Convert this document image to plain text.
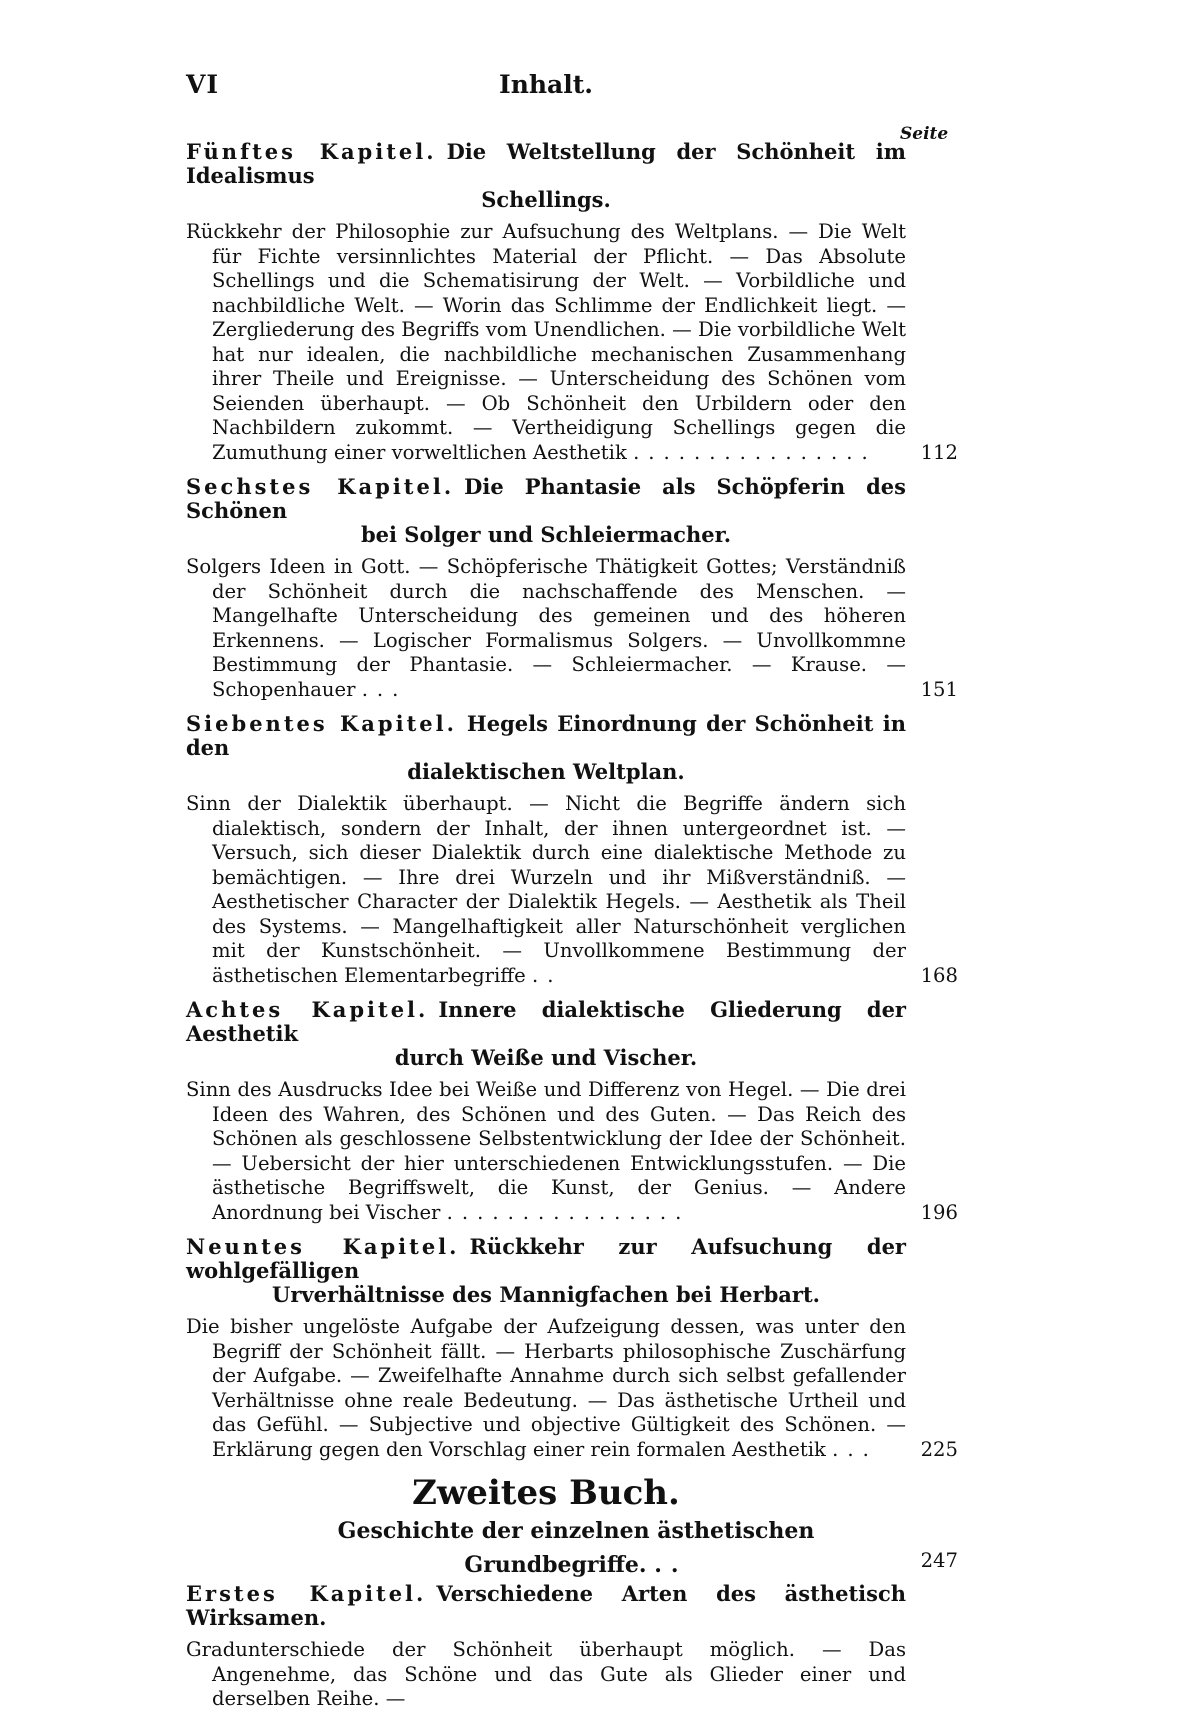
VI	Inhalt.
Seite
Fünftes Kapitel. Die Weltstellung der Schönheit im Idealismus
Schellings.
Rückkehr der Philosophie zur Aufsuchung des Weltplans. — Die Welt für Fichte versinnlichtes Material der Pflicht. — Das Absolute Schellings und die Schematisirung der Welt. — Vorbildliche und nachbildliche Welt. — Worin das Schlimme der Endlichkeit liegt. — Zergliederung des Begriffs vom Unendlichen. — Die vorbildliche Welt hat nur idealen, die nachbildliche mechanischen Zusammenhang ihrer Theile und Ereignisse. — Unterscheidung des Schönen vom Seienden überhaupt. — Ob Schönheit den Urbildern oder den Nachbildern zukommt. — Vertheidigung Schellings gegen die Zumuthung einer vorweltlichen Aesthetik ................ 112
Sechstes Kapitel. Die Phantasie als Schöpferin des Schönen
bei Solger und Schleiermacher.
Solgers Ideen in Gott. — Schöpferische Thätigkeit Gottes; Verständniß der Schönheit durch die nachschaffende des Menschen. — Mangelhafte Unterscheidung des gemeinen und des höheren Erkennens. — Logischer Formalismus Solgers. — Unvollkommne Bestimmung der Phantasie. — Schleiermacher. — Krause. — Schopenhauer ...	151
Siebentes Kapitel. Hegels Einordnung der Schönheit in den
dialektischen Weltplan.
Sinn der Dialektik überhaupt. — Nicht die Begriffe ändern sich dialektisch, sondern der Inhalt, der ihnen untergeordnet ist. — Versuch, sich dieser Dialektik durch eine dialektische Methode zu bemächtigen. — Ihre drei Wurzeln und ihr Mißverständniß. — Aesthetischer Character der Dialektik Hegels. — Aesthetik als Theil des Systems. — Mangelhaftigkeit aller Naturschönheit verglichen mit der Kunstschönheit. — Unvollkommene Bestimmung der ästhetischen Elementarbegriffe ..	168
Achtes Kapitel. Innere dialektische Gliederung der Aesthetik
durch Weiße und Vischer.
Sinn des Ausdrucks Idee bei Weiße und Differenz von Hegel. — Die drei Ideen des Wahren, des Schönen und des Guten. — Das Reich des Schönen als geschlossene Selbstentwicklung der Idee der Schönheit. — Uebersicht der hier unterschiedenen Entwicklungsstufen. — Die ästhetische Begriffswelt, die Kunst, der Genius. — Andere Anordnung bei Vischer ................	196
Neuntes Kapitel. Rückkehr zur Aufsuchung der wohlgefälligen
Urverhältnisse des Mannigfachen bei Herbart.
Die bisher ungelöste Aufgabe der Aufzeigung dessen, was unter den Begriff der Schönheit fällt. — Herbarts philosophische Zuschärfung der Aufgabe. — Zweifelhafte Annahme durch sich selbst gefallender Verhältnisse ohne reale Bedeutung. — Das ästhetische Urtheil und das Gefühl. — Subjective und objective Gültigkeit des Schönen. — Erklärung gegen den Vorschlag einer rein formalen Aesthetik ... 225
Zweites Buch.
Geschichte der einzelnen ästhetischen Grundbegriffe. ..	247
Erstes Kapitel. Verschiedene Arten des ästhetisch Wirksamen.
Gradunterschiede der Schönheit überhaupt möglich. — Das Angenehme, das Schöne und das Gute als Glieder einer und derselben Reihe. —
